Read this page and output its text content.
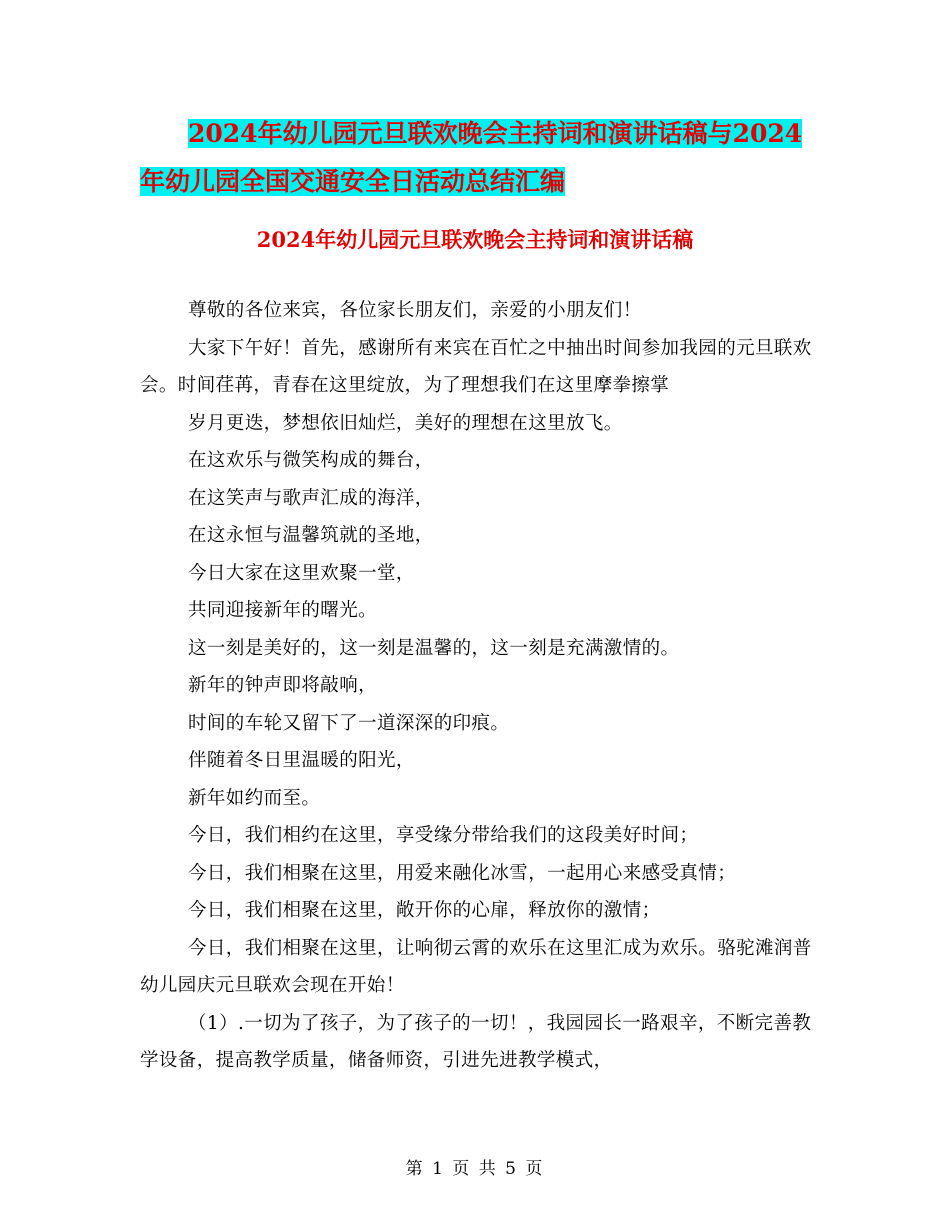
2024年幼儿园元旦联欢晚会主持词和演讲话稿与2024
年幼儿园全国交通安全日活动总结汇编
2024年幼儿园元旦联欢晚会主持词和演讲话稿

尊敬的各位来宾，各位家长朋友们，亲爱的小朋友们！

大家下午好！首先，感谢所有来宾在百忙之中抽出时间参加我园的元旦联欢会。时间荏苒，青春在这里绽放，为了理想我们在这里摩拳擦掌

岁月更迭，梦想依旧灿烂，美好的理想在这里放飞。

在这欢乐与微笑构成的舞台，

在这笑声与歌声汇成的海洋，

在这永恒与温馨筑就的圣地，

今日大家在这里欢聚一堂，

共同迎接新年的曙光。

这一刻是美好的，这一刻是温馨的，这一刻是充满激情的。

新年的钟声即将敲响，

时间的车轮又留下了一道深深的印痕。

伴随着冬日里温暖的阳光，

新年如约而至。

今日，我们相约在这里，享受缘分带给我们的这段美好时间；

今日，我们相聚在这里，用爱来融化冰雪，一起用心来感受真情；

今日，我们相聚在这里，敞开你的心扉，释放你的激情；

今日，我们相聚在这里，让响彻云霄的欢乐在这里汇成为欢乐。骆驼滩润普幼儿园庆元旦联欢会现在开始！

（1）.一切为了孩子，为了孩子的一切！，我园园长一路艰辛，不断完善教学设备，提高教学质量，储备师资，引进先进教学模式，

第 1 页 共 5 页
